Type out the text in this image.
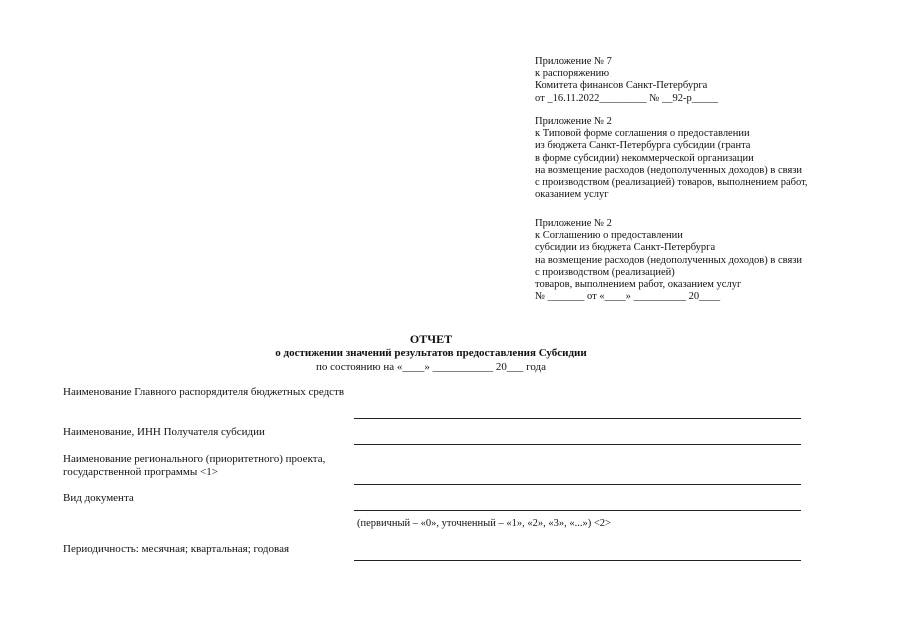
Приложение № 7
к распоряжению
Комитета финансов Санкт-Петербурга
от _16.11.2022_________ № __92-р_____
Приложение № 2
к Типовой форме соглашения о предоставлении
из бюджета Санкт-Петербурга субсидии (гранта
в форме субсидии) некоммерческой организации
на возмещение расходов (недополученных доходов) в связи
с производством (реализацией) товаров, выполнением работ,
оказанием услуг
Приложение № 2
к Соглашению о предоставлении
субсидии из бюджета Санкт-Петербурга
на возмещение расходов (недополученных доходов) в связи
с производством (реализацией)
товаров, выполнением работ, оказанием услуг
№ _______ от «____» __________ 20____
ОТЧЕТ
о достижении значений результатов предоставления Субсидии
по состоянию на «____» ___________ 20___ года
Наименование Главного распорядителя бюджетных средств
Наименование, ИНН Получателя субсидии
Наименование регионального (приоритетного) проекта, государственной программы <1>
Вид документа
(первичный – «0», уточненный – «1», «2», «3», «...») <2>
Периодичность: месячная; квартальная; годовая
